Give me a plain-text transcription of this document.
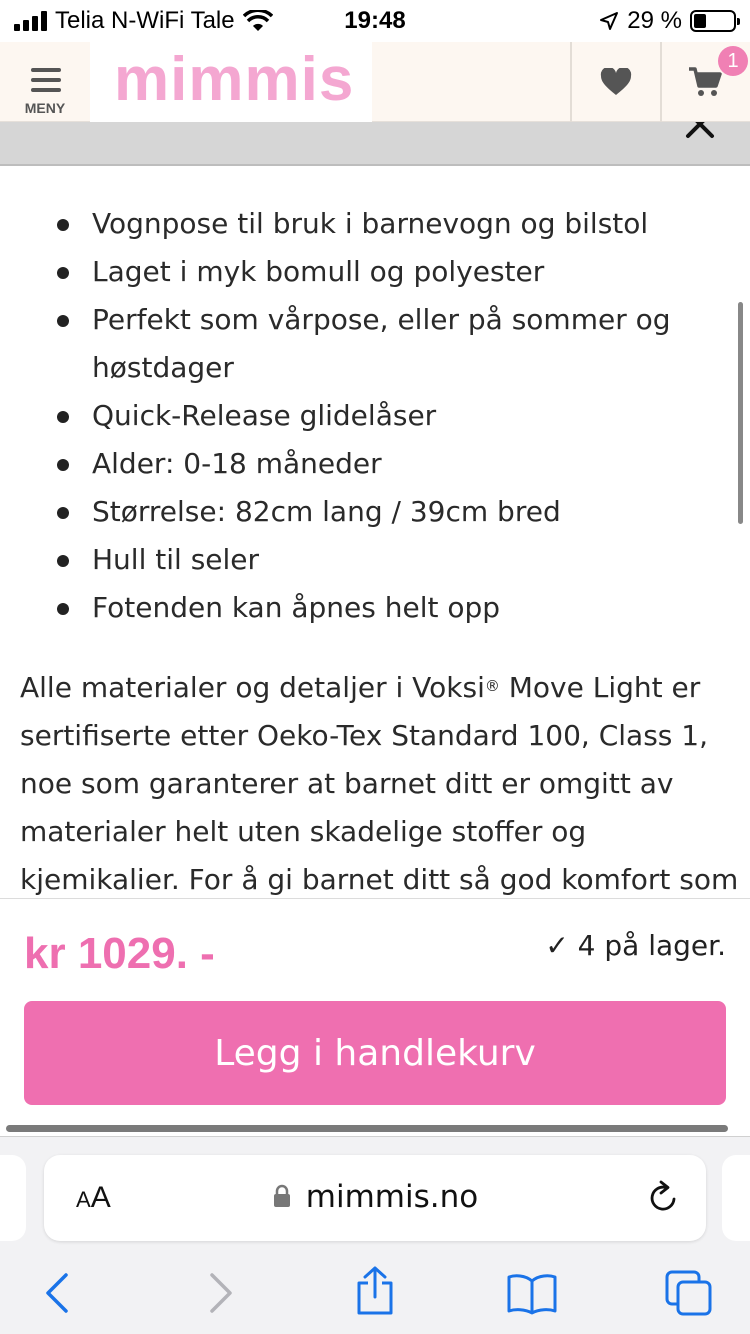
Telia N-WiFi Tale	19:48	29 %
MENY mimmis	1
Vognpose til bruk i barnevogn og bilstol
Laget i myk bomull og polyester
Perfekt som vårpose, eller på sommer og høstdager
Quick-Release glidelåser
Alder: 0-18 måneder
Størrelse: 82cm lang / 39cm bred
Hull til seler
Fotenden kan åpnes helt opp

Alle materialer og detaljer i Voksi® Move Light er sertifiserte etter Oeko-Tex Standard 100, Class 1, noe som garanterer at barnet ditt er omgitt av materialer helt uten skadelige stoffer og kjemikalier. For å gi barnet ditt så god komfort som

kr 1029. -	✓ 4 på lager.
Legg i handlekurv
AA	mimmis.no
